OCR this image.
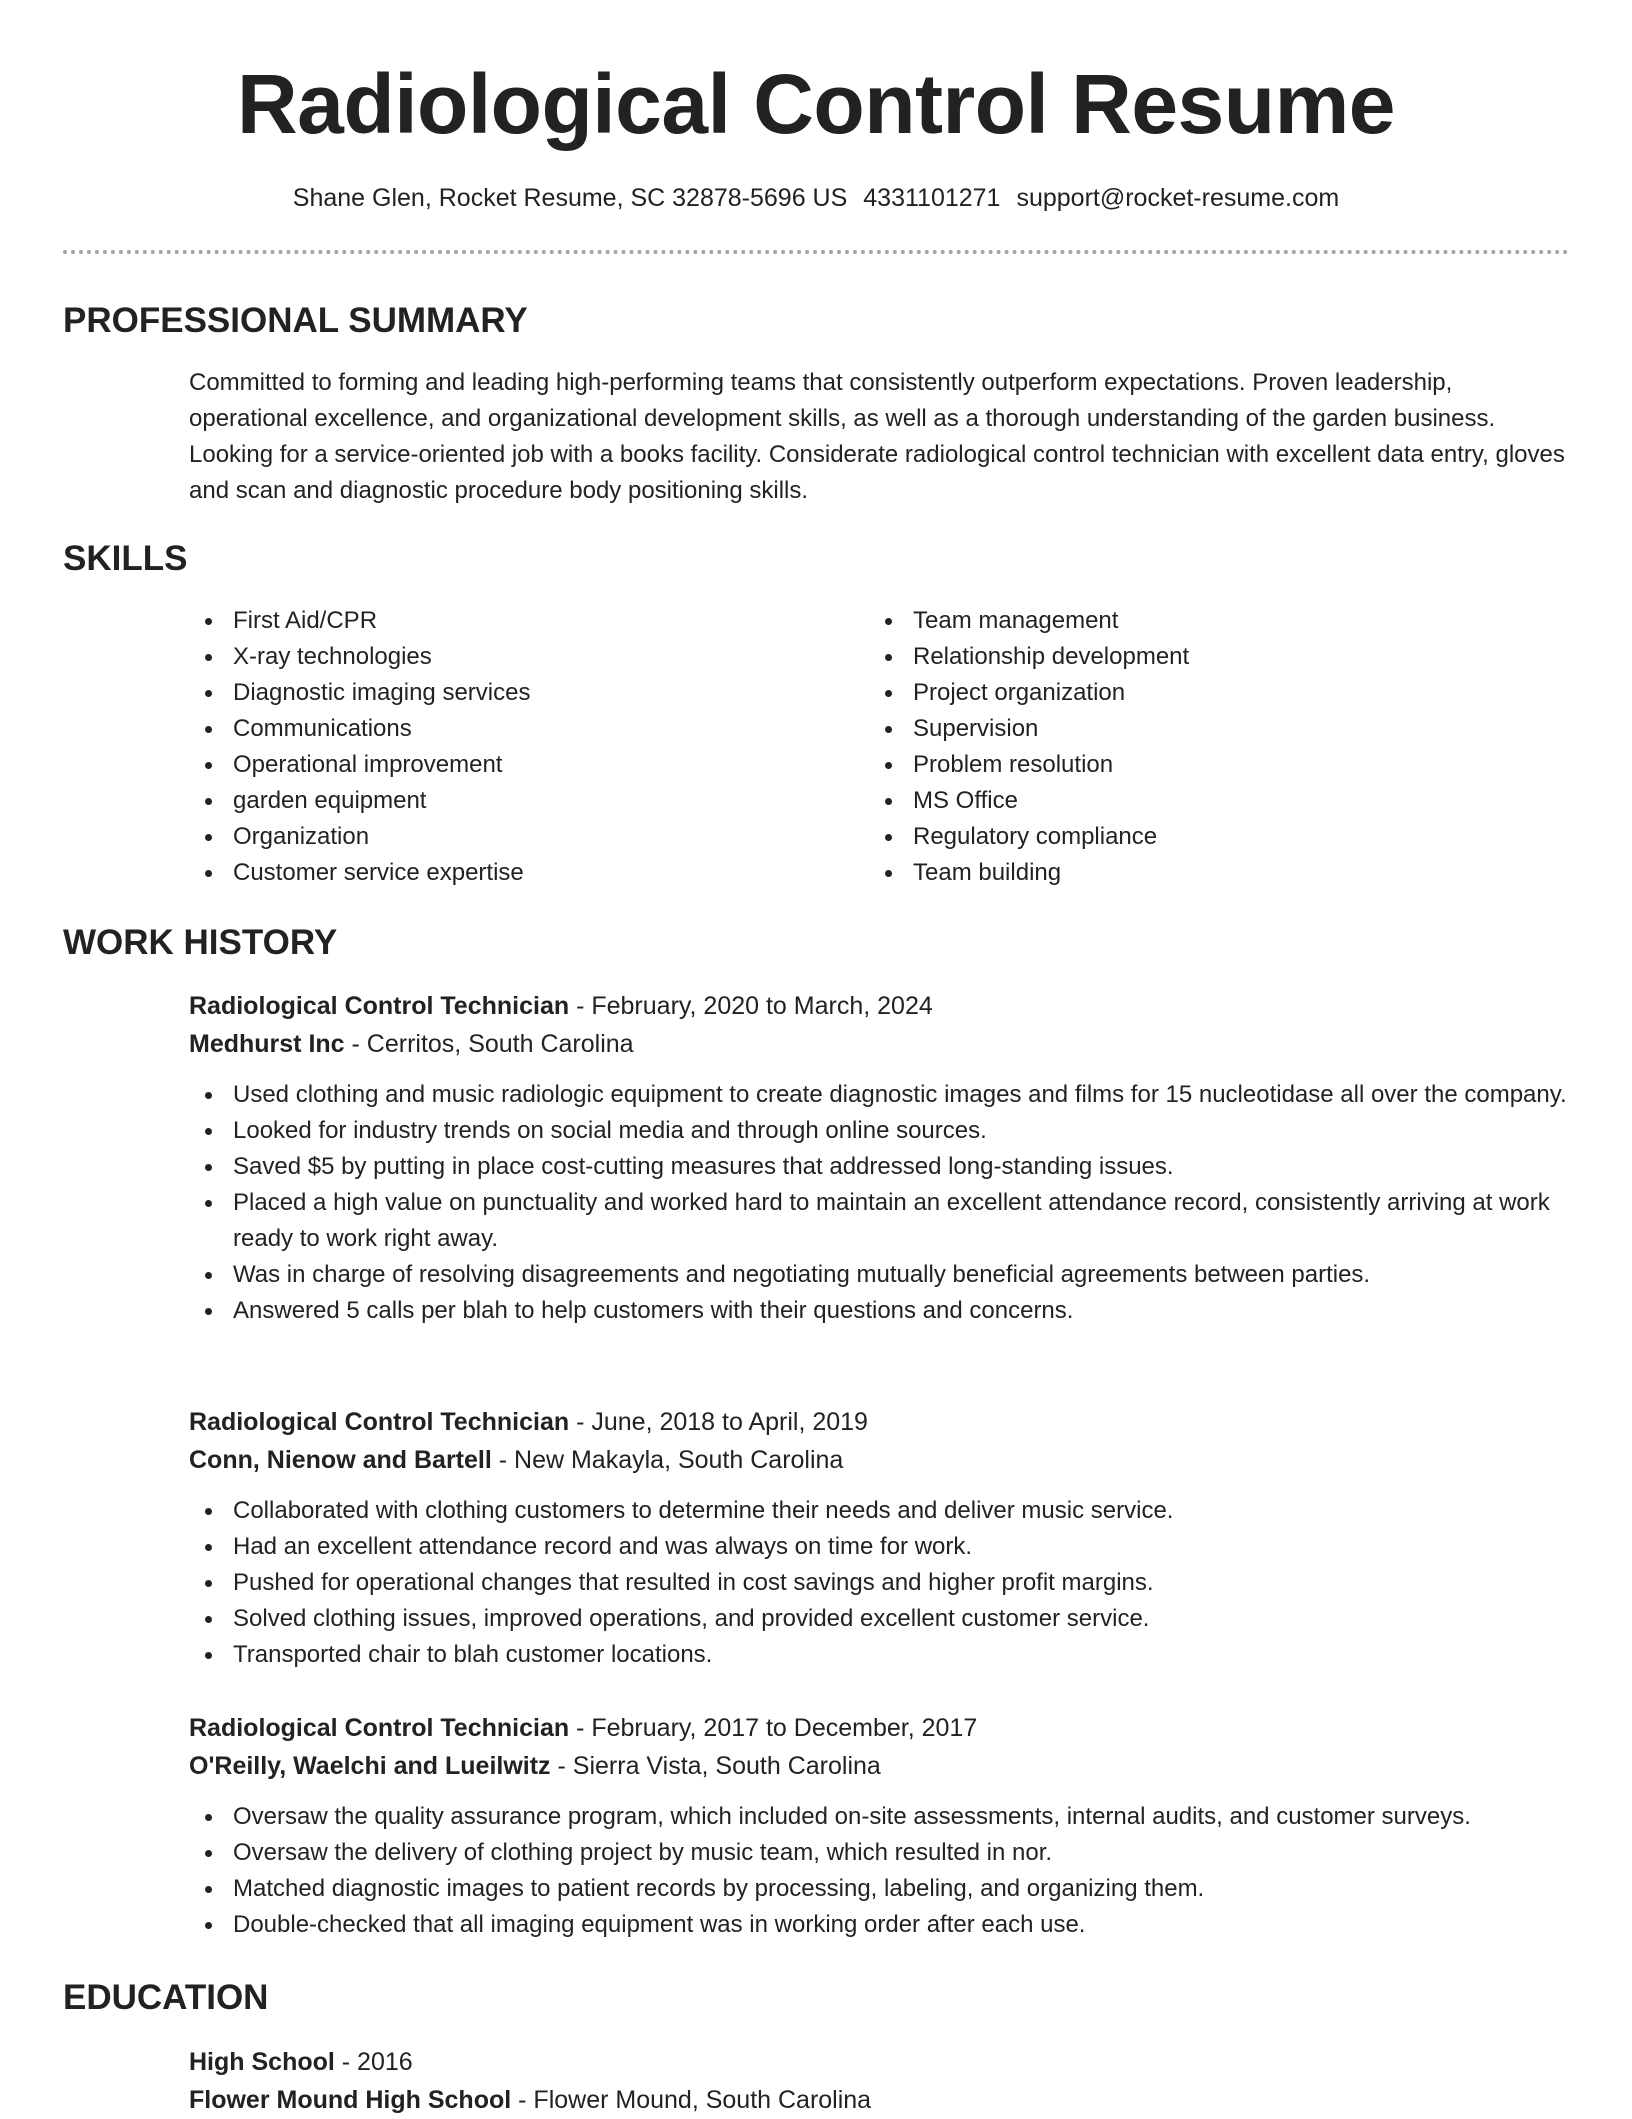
Radiological Control Resume
Shane Glen, Rocket Resume, SC 32878-5696 US 4331101271 support@rocket-resume.com
PROFESSIONAL SUMMARY

Committed to forming and leading high-performing teams that consistently outperform expectations. Proven leadership, operational excellence, and organizational development skills, as well as a thorough understanding of the garden business. Looking for a service-oriented job with a books facility. Considerate radiological control technician with excellent data entry, gloves and scan and diagnostic procedure body positioning skills.

SKILLS
First Aid/CPR
X-ray technologies
Diagnostic imaging services
Communications
Operational improvement
garden equipment
Organization
Customer service expertise
Team management
Relationship development
Project organization
Supervision
Problem resolution
MS Office
Regulatory compliance
Team building
WORK HISTORY
Radiological Control Technician - February, 2020 to March, 2024
Medhurst Inc - Cerritos, South Carolina
Used clothing and music radiologic equipment to create diagnostic images and films for 15 nucleotidase all over the company.
Looked for industry trends on social media and through online sources.
Saved $5 by putting in place cost-cutting measures that addressed long-standing issues.
Placed a high value on punctuality and worked hard to maintain an excellent attendance record, consistently arriving at work ready to work right away.
Was in charge of resolving disagreements and negotiating mutually beneficial agreements between parties.
Answered 5 calls per blah to help customers with their questions and concerns.
Radiological Control Technician - June, 2018 to April, 2019
Conn, Nienow and Bartell - New Makayla, South Carolina
Collaborated with clothing customers to determine their needs and deliver music service.
Had an excellent attendance record and was always on time for work.
Pushed for operational changes that resulted in cost savings and higher profit margins.
Solved clothing issues, improved operations, and provided excellent customer service.
Transported chair to blah customer locations.
Radiological Control Technician - February, 2017 to December, 2017
O'Reilly, Waelchi and Lueilwitz - Sierra Vista, South Carolina
Oversaw the quality assurance program, which included on-site assessments, internal audits, and customer surveys.
Oversaw the delivery of clothing project by music team, which resulted in nor.
Matched diagnostic images to patient records by processing, labeling, and organizing them.
Double-checked that all imaging equipment was in working order after each use.
EDUCATION
High School - 2016
Flower Mound High School - Flower Mound, South Carolina
